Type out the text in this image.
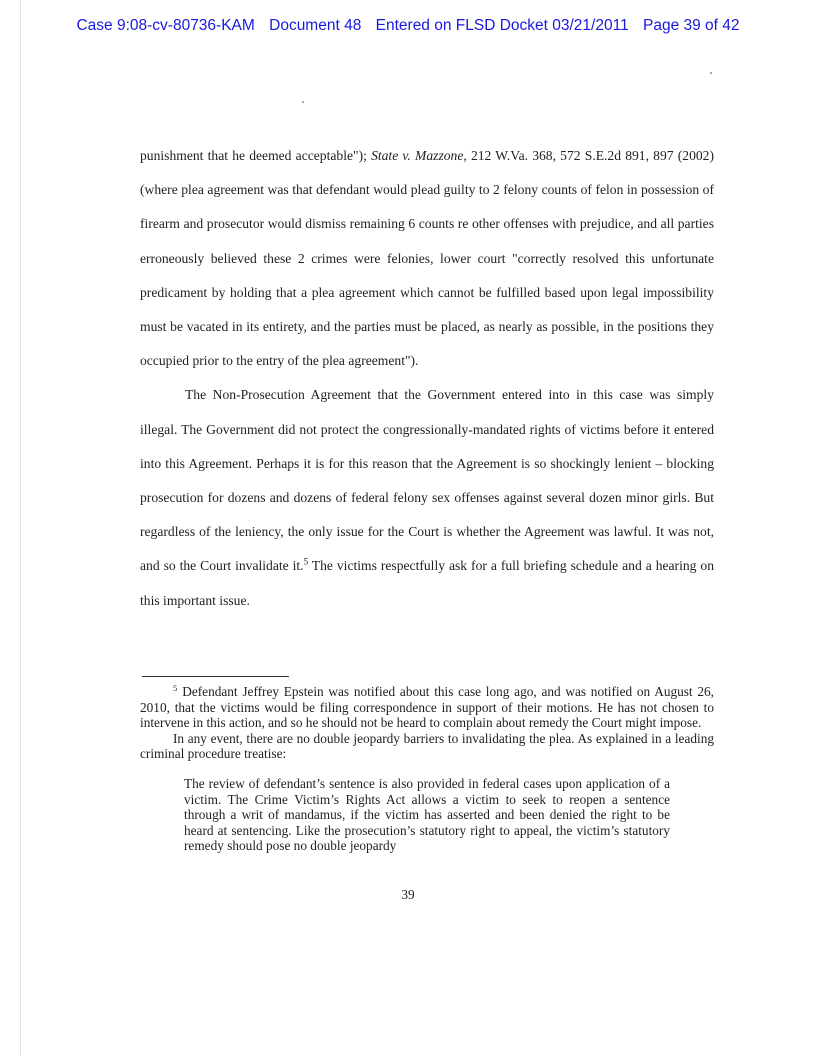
Case 9:08-cv-80736-KAM Document 48 Entered on FLSD Docket 03/21/2011 Page 39 of 42

punishment that he deemed acceptable"); State v. Mazzone, 212 W.Va. 368, 572 S.E.2d 891, 897 (2002) (where plea agreement was that defendant would plead guilty to 2 felony counts of felon in possession of firearm and prosecutor would dismiss remaining 6 counts re other offenses with prejudice, and all parties erroneously believed these 2 crimes were felonies, lower court "correctly resolved this unfortunate predicament by holding that a plea agreement which cannot be fulfilled based upon legal impossibility must be vacated in its entirety, and the parties must be placed, as nearly as possible, in the positions they occupied prior to the entry of the plea agreement").

The Non-Prosecution Agreement that the Government entered into in this case was simply illegal. The Government did not protect the congressionally-mandated rights of victims before it entered into this Agreement. Perhaps it is for this reason that the Agreement is so shockingly lenient – blocking prosecution for dozens and dozens of federal felony sex offenses against several dozen minor girls. But regardless of the leniency, the only issue for the Court is whether the Agreement was lawful. It was not, and so the Court invalidate it.$^5$ The victims respectfully ask for a full briefing schedule and a hearing on this important issue.

$^5$ Defendant Jeffrey Epstein was notified about this case long ago, and was notified on August 26, 2010, that the victims would be filing correspondence in support of their motions. He has not chosen to intervene in this action, and so he should not be heard to complain about remedy the Court might impose.

In any event, there are no double jeopardy barriers to invalidating the plea. As explained in a leading criminal procedure treatise:

The review of defendant’s sentence is also provided in federal cases upon application of a victim. The Crime Victim’s Rights Act allows a victim to seek to reopen a sentence through a writ of mandamus, if the victim has asserted and been denied the right to be heard at sentencing. Like the prosecution’s statutory right to appeal, the victim’s statutory remedy should pose no double jeopardy
39
